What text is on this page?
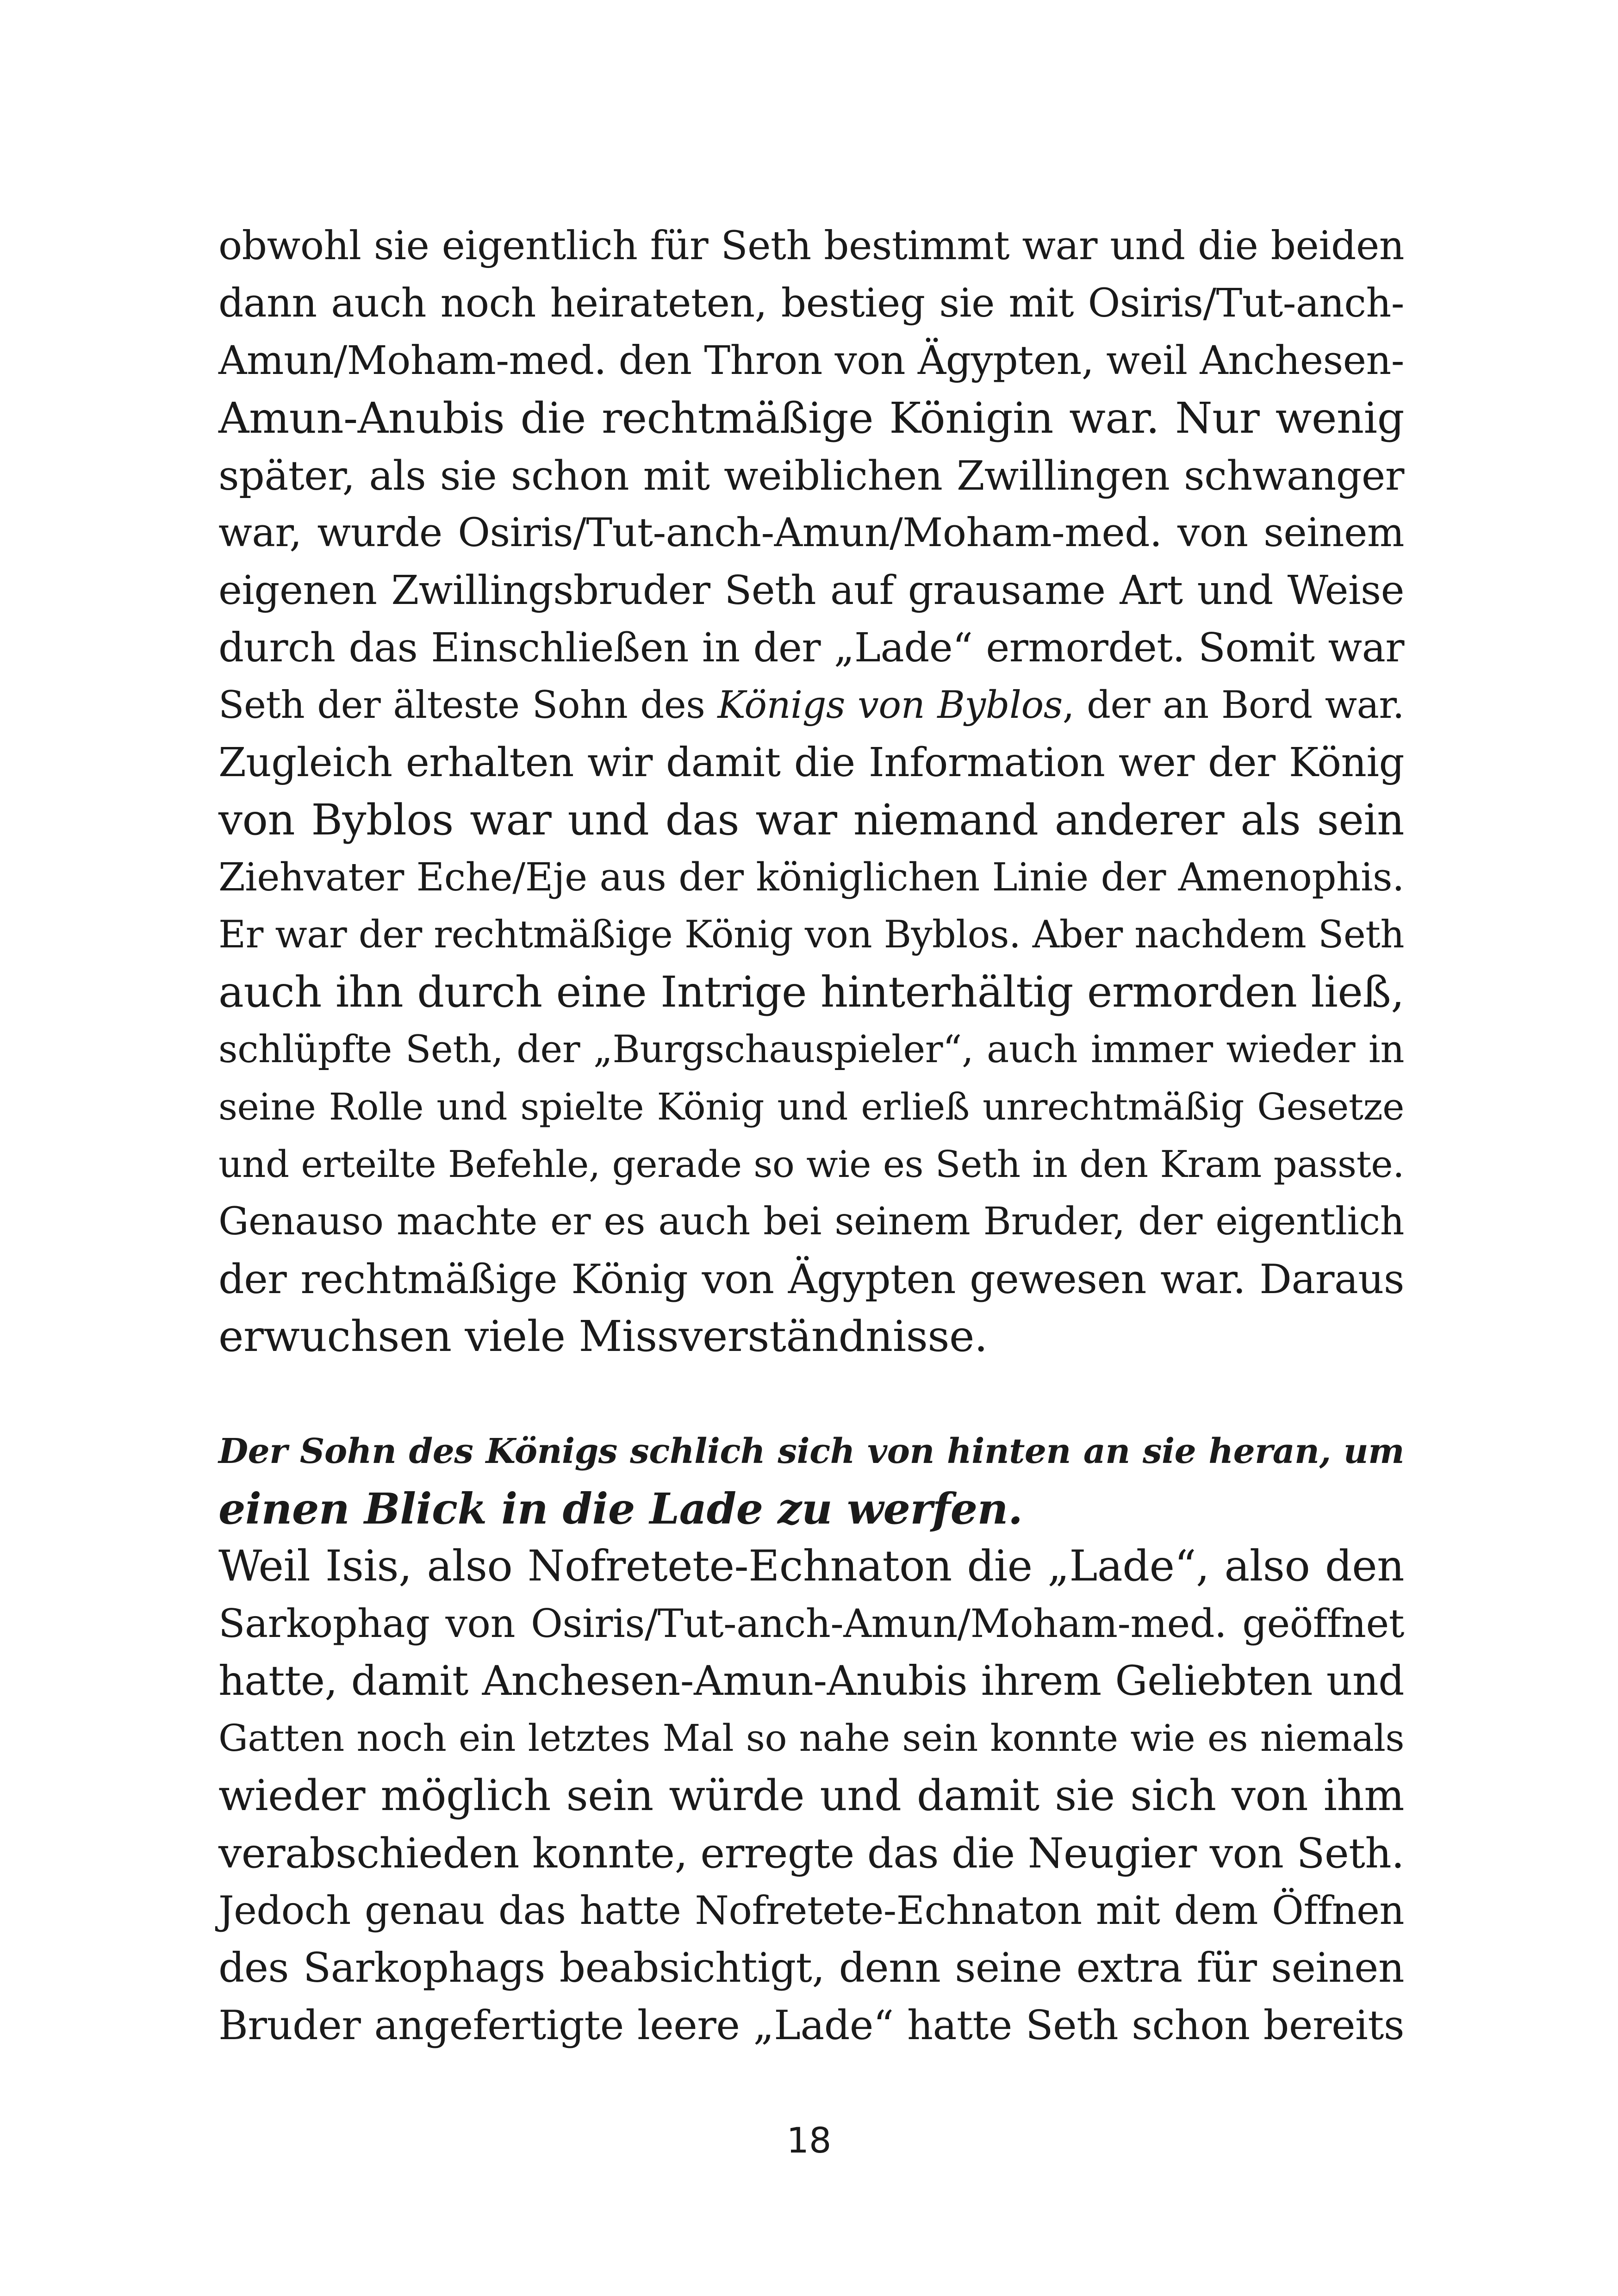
obwohl sie eigentlich für Seth bestimmt war und die beiden
dann auch noch heirateten, bestieg sie mit Osiris/Tut-anch-
Amun/Moham-med. den Thron von Ägypten, weil Anchesen-
Amun-Anubis die rechtmäßige Königin war. Nur wenig
später, als sie schon mit weiblichen Zwillingen schwanger
war, wurde Osiris/Tut-anch-Amun/Moham-med. von seinem
eigenen Zwillingsbruder Seth auf grausame Art und Weise
durch das Einschließen in der „Lade“ ermordet. Somit war
Seth der älteste Sohn des Königs von Byblos, der an Bord war.
Zugleich erhalten wir damit die Information wer der König
von Byblos war und das war niemand anderer als sein
Ziehvater Eche/Eje aus der königlichen Linie der Amenophis.
Er war der rechtmäßige König von Byblos. Aber nachdem Seth
auch ihn durch eine Intrige hinterhältig ermorden ließ,
schlüpfte Seth, der „Burgschauspieler“, auch immer wieder in
seine Rolle und spielte König und erließ unrechtmäßig Gesetze
und erteilte Befehle, gerade so wie es Seth in den Kram passte.
Genauso machte er es auch bei seinem Bruder, der eigentlich
der rechtmäßige König von Ägypten gewesen war. Daraus
erwuchsen viele Missverständnisse.
Der Sohn des Königs schlich sich von hinten an sie heran, um
einen Blick in die Lade zu werfen.
Weil Isis, also Nofretete-Echnaton die „Lade“, also den
Sarkophag von Osiris/Tut-anch-Amun/Moham-med. geöffnet
hatte, damit Anchesen-Amun-Anubis ihrem Geliebten und
Gatten noch ein letztes Mal so nahe sein konnte wie es niemals
wieder möglich sein würde und damit sie sich von ihm
verabschieden konnte, erregte das die Neugier von Seth.
Jedoch genau das hatte Nofretete-Echnaton mit dem Öffnen
des Sarkophags beabsichtigt, denn seine extra für seinen
Bruder angefertigte leere „Lade“ hatte Seth schon bereits
18
